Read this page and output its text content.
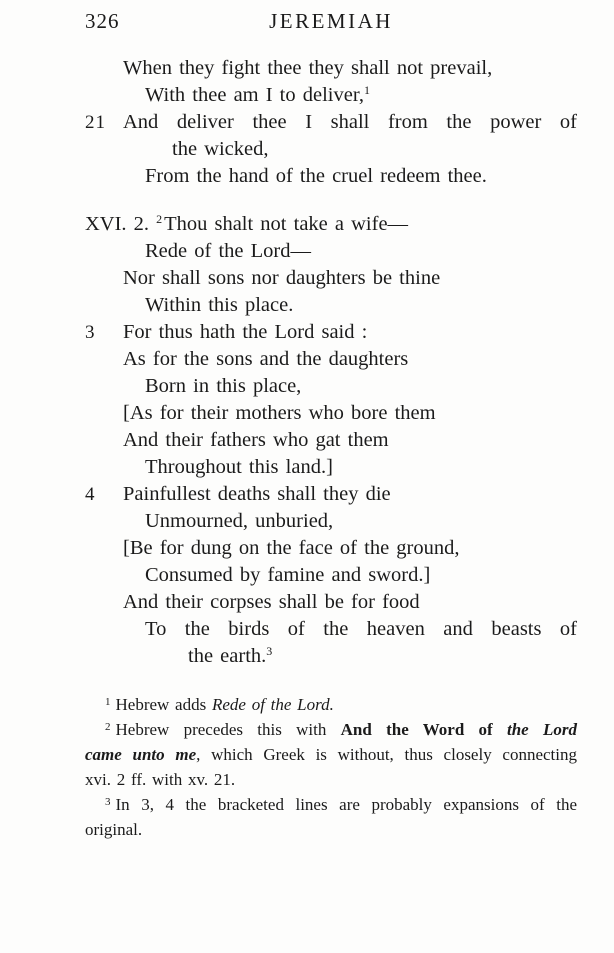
326	JEREMIAH
When they fight thee they shall not prevail,
With thee am I to deliver,$^1$
21 And deliver thee I shall from the power of
the wicked,
From the hand of the cruel redeem thee.
XVI. 2. $^2$Thou shalt not take a wife—
Rede of the Lord—
Nor shall sons nor daughters be thine
Within this place.
3 For thus hath the Lord said :
As for the sons and the daughters
Born in this place,
[As for their mothers who bore them
And their fathers who gat them
Throughout this land.]
4 Painfullest deaths shall they die
Unmourned, unburied,
[Be for dung on the face of the ground,
Consumed by famine and sword.]
And their corpses shall be for food
To the birds of the heaven and beasts of
the earth.$^3$
$^1$ Hebrew adds Rede of the Lord.
$^2$ Hebrew precedes this with And the Word of the Lord
came unto me, which Greek is without, thus closely connecting
xvi. 2 ff. with xv. 21.
$^3$ In 3, 4 the bracketed lines are probably expansions of the
original.
